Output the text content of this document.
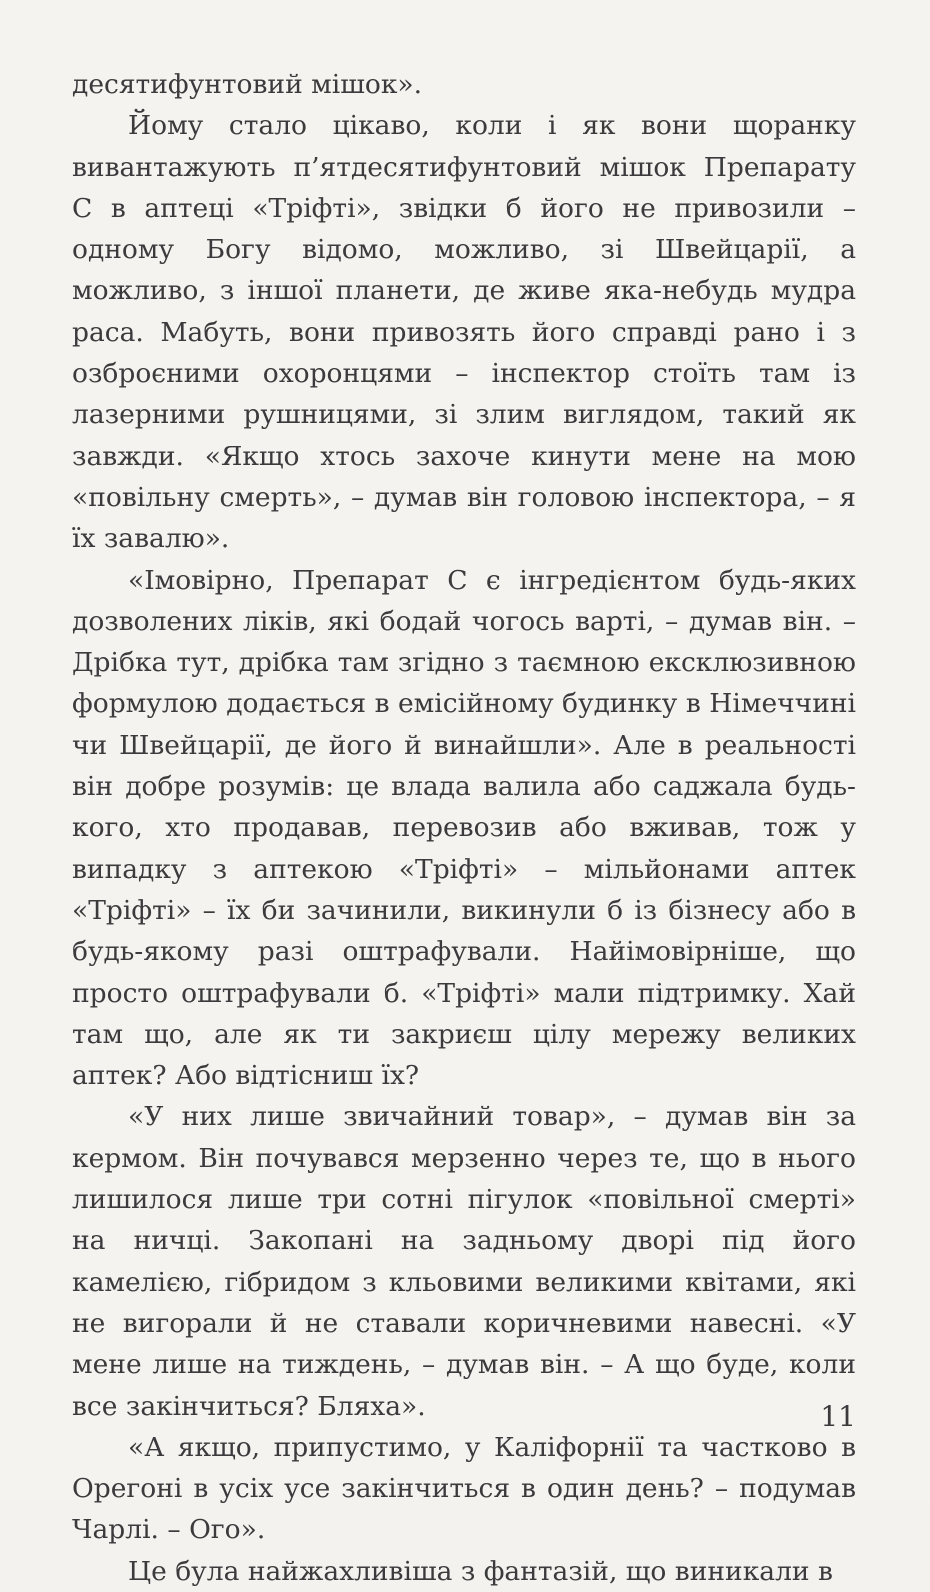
десятифунтовий мішок».

Йому стало цікаво, коли і як вони щоранку вивантажують п’ятдесятифунтовий мішок Препарату С в аптеці «Тріфті», звідки б його не привозили – одному Богу відомо, можливо, зі Швейцарії, а можливо, з іншої планети, де живе яка-небудь мудра раса. Мабуть, вони привозять його справді рано і з озброєними охоронцями – інспектор стоїть там із лазерними рушницями, зі злим виглядом, такий як завжди. «Якщо хтось захоче кинути мене на мою «повільну смерть», – думав він головою інспектора, – я їх завалю».

«Імовірно, Препарат С є інгредієнтом будь-яких дозволених ліків, які бодай чогось варті, – думав він. – Дрібка тут, дрібка там згідно з таємною ексклюзивною формулою додається в емісійному будинку в Німеччині чи Швейцарії, де його й винайшли». Але в реальності він добре розумів: це влада валила або саджала будь-кого, хто продавав, перевозив або вживав, тож у випадку з аптекою «Тріфті» – мільйонами аптек «Тріфті» – їх би зачинили, викинули б із бізнесу або в будь-якому разі оштрафували. Найімовірніше, що просто оштрафували б. «Тріфті» мали підтримку. Хай там що, але як ти закриєш цілу мережу великих аптек? Або відтісниш їх?

«У них лише звичайний товар», – думав він за кермом. Він почувався мерзенно через те, що в нього лишилося лише три сотні пігулок «повільної смерті» на ничці. Закопані на задньому дворі під його камелією, гібридом з кльовими великими квітами, які не вигорали й не ставали коричневими навесні. «У мене лише на тиждень, – думав він. – А що буде, коли все закінчиться? Бляха».

«А якщо, припустимо, у Каліфорнії та частково в Орегоні в усіх усе закінчиться в один день? – подумав Чарлі. – Ого».

Це була найжахливіша з фантазій, що виникали в

11
